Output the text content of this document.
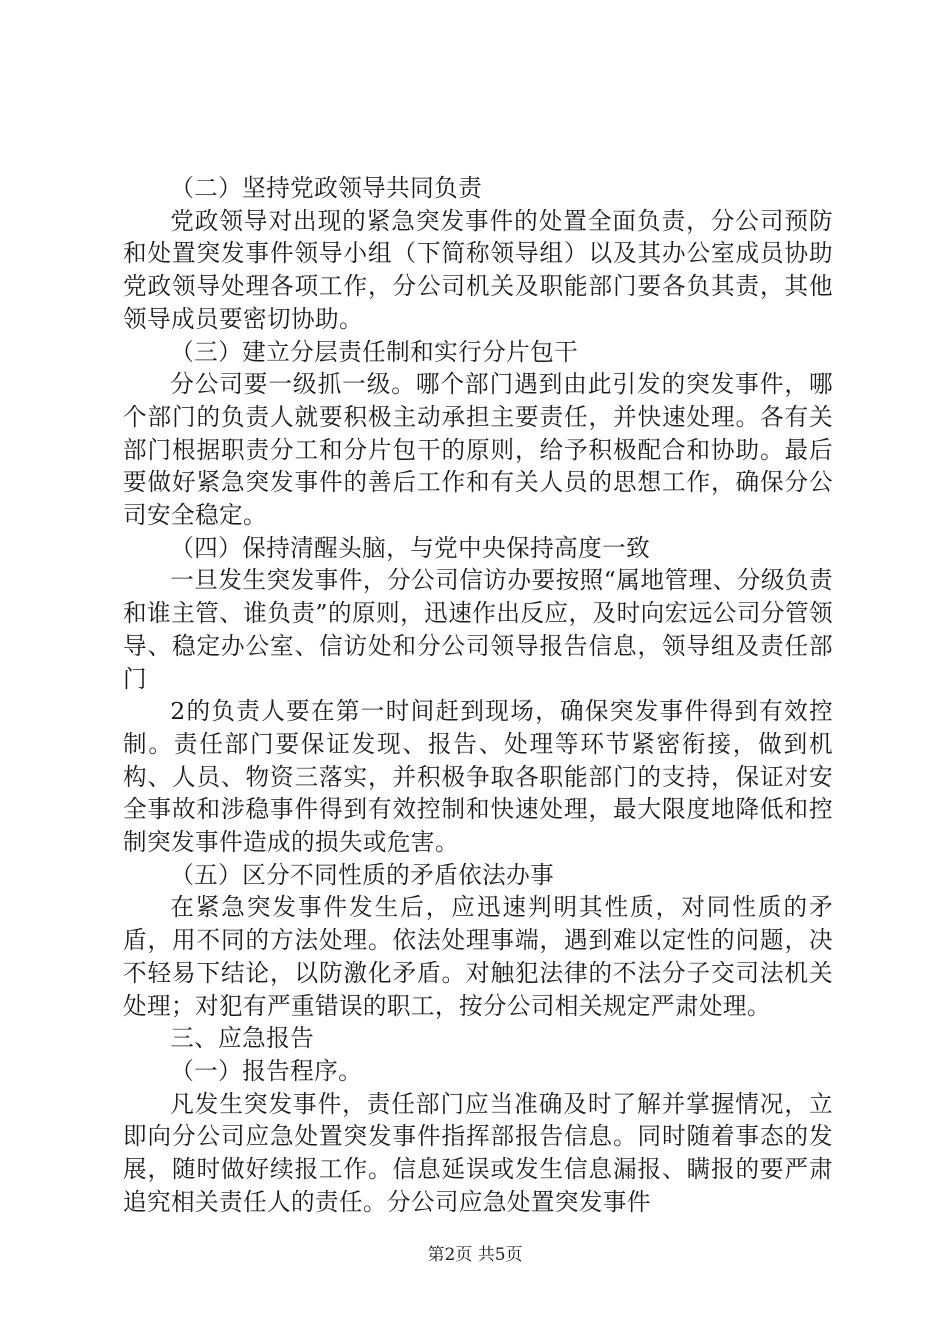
（二）坚持党政领导共同负责

党政领导对出现的紧急突发事件的处置全面负责，分公司预防和处置突发事件领导小组（下简称领导组）以及其办公室成员协助党政领导处理各项工作，分公司机关及职能部门要各负其责，其他领导成员要密切协助。

（三）建立分层责任制和实行分片包干

分公司要一级抓一级。哪个部门遇到由此引发的突发事件，哪个部门的负责人就要积极主动承担主要责任，并快速处理。各有关部门根据职责分工和分片包干的原则，给予积极配合和协助。最后要做好紧急突发事件的善后工作和有关人员的思想工作，确保分公司安全稳定。

（四）保持清醒头脑，与党中央保持高度一致

一旦发生突发事件，分公司信访办要按照“属地管理、分级负责和谁主管、谁负责”的原则，迅速作出反应，及时向宏远公司分管领导、稳定办公室、信访处和分公司领导报告信息，领导组及责任部门

2的负责人要在第一时间赶到现场，确保突发事件得到有效控制。责任部门要保证发现、报告、处理等环节紧密衔接，做到机构、人员、物资三落实，并积极争取各职能部门的支持，保证对安全事故和涉稳事件得到有效控制和快速处理，最大限度地降低和控制突发事件造成的损失或危害。

（五）区分不同性质的矛盾依法办事

在紧急突发事件发生后，应迅速判明其性质，对同性质的矛盾，用不同的方法处理。依法处理事端，遇到难以定性的问题，决不轻易下结论，以防激化矛盾。对触犯法律的不法分子交司法机关处理；对犯有严重错误的职工，按分公司相关规定严肃处理。

三、应急报告

（一）报告程序。

凡发生突发事件，责任部门应当准确及时了解并掌握情况，立即向分公司应急处置突发事件指挥部报告信息。同时随着事态的发展，随时做好续报工作。信息延误或发生信息漏报、瞒报的要严肃追究相关责任人的责任。分公司应急处置突发事件

第2页 共5页
